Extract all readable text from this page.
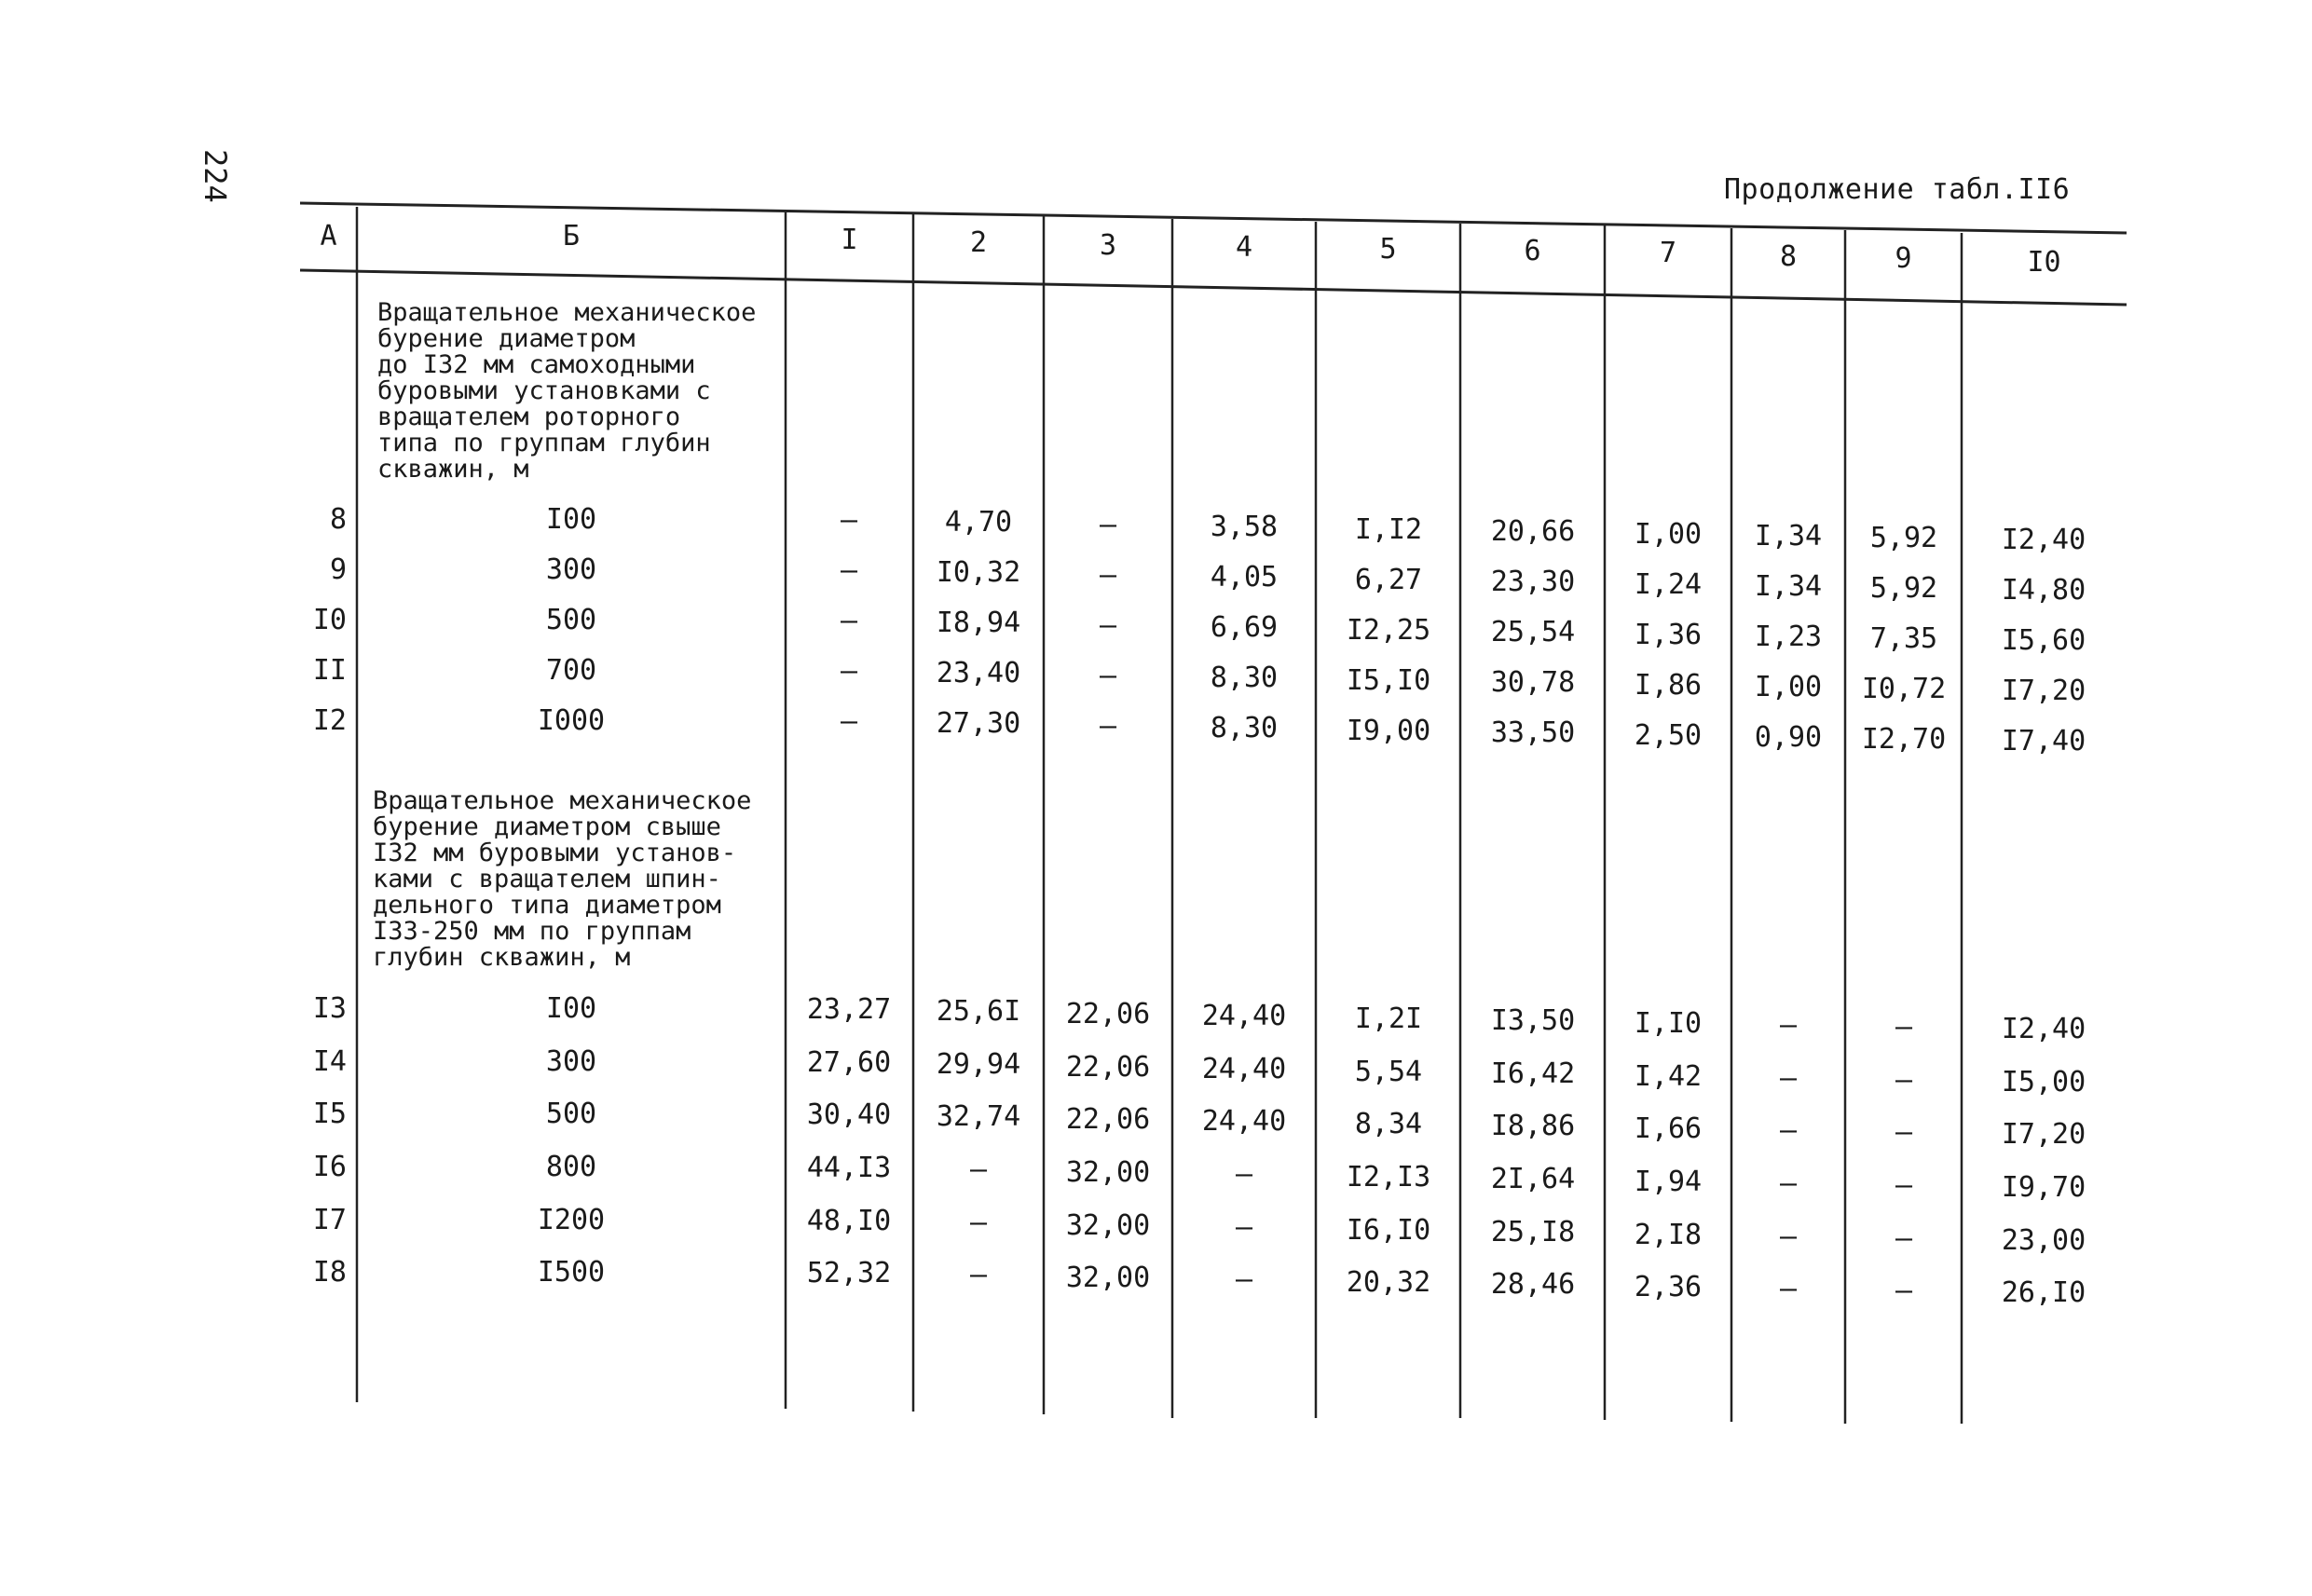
224	Продолжение табл.II6
A	Б	I	2	3	4	5	6	7	8	9	I0
Вращательное механическое
бурение диаметром
до I32 мм самоходными
буровыми установками с
вращателем роторного
типа по группам глубин
скважин, м
8	I00	–	4,70	–	3,58	I,I2	20,66	I,00	I,34	5,92	I2,40
9	300	–	I0,32	–	4,05	6,27	23,30	I,24	I,34	5,92	I4,80
I0	500	–	I8,94	–	6,69	I2,25	25,54	I,36	I,23	7,35	I5,60
II	700	–	23,40	–	8,30	I5,I0	30,78	I,86	I,00	I0,72	I7,20
I2	I000	–	27,30	–	8,30	I9,00	33,50	2,50	0,90	I2,70	I7,40
Вращательное механическое
бурение диаметром свыше
I32 мм буровыми установ-
ками с вращателем шпин-
дельного типа диаметром
I33-250 мм по группам
глубин скважин, м
I3	I00	23,27	25,6I	22,06	24,40	I,2I	I3,50	I,I0	–	–	I2,40
I4	300	27,60	29,94	22,06	24,40	5,54	I6,42	I,42	–	–	I5,00
I5	500	30,40	32,74	22,06	24,40	8,34	I8,86	I,66	–	–	I7,20
I6	800	44,I3	–	32,00	–	I2,I3	2I,64	I,94	–	–	I9,70
I7	I200	48,I0	–	32,00	–	I6,I0	25,I8	2,I8	–	–	23,00
I8	I500	52,32	–	32,00	–	20,32	28,46	2,36	–	–	26,I0
